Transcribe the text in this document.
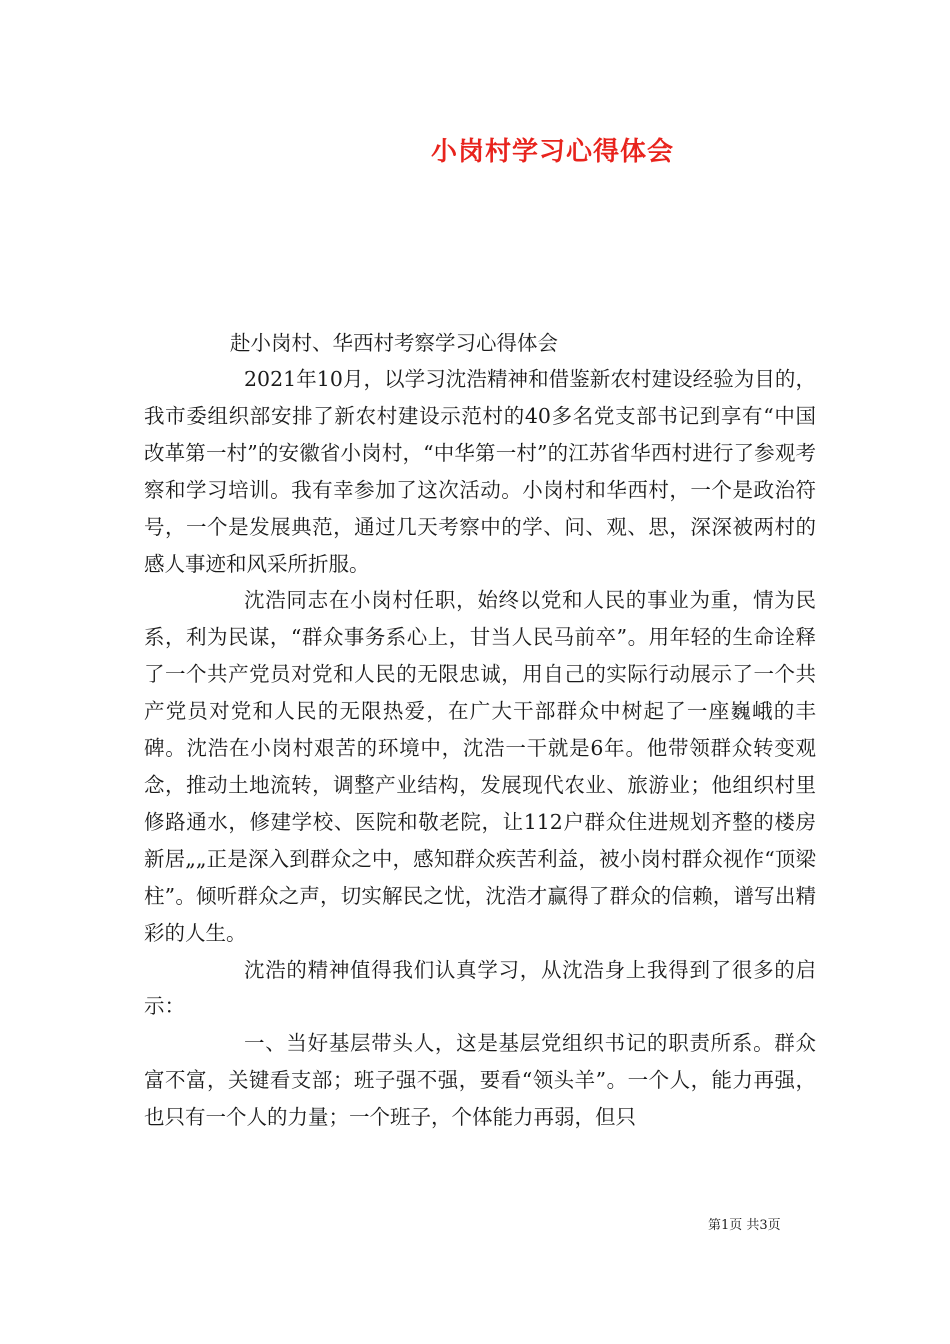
小岗村学习心得体会
赴小岗村、华西村考察学习心得体会

2021年10月，以学习沈浩精神和借鉴新农村建设经验为目的，我市委组织部安排了新农村建设示范村的40多名党支部书记到享有“中国改革第一村”的安徽省小岗村，“中华第一村”的江苏省华西村进行了参观考察和学习培训。我有幸参加了这次活动。小岗村和华西村，一个是政治符号，一个是发展典范，通过几天考察中的学、问、观、思，深深被两村的感人事迹和风采所折服。

沈浩同志在小岗村任职，始终以党和人民的事业为重，情为民系，利为民谋，“群众事务系心上，甘当人民马前卒”。用年轻的生命诠释了一个共产党员对党和人民的无限忠诚，用自己的实际行动展示了一个共产党员对党和人民的无限热爱，在广大干部群众中树起了一座巍峨的丰碑。沈浩在小岗村艰苦的环境中，沈浩一干就是6年。他带领群众转变观念，推动土地流转，调整产业结构，发展现代农业、旅游业；他组织村里修路通水，修建学校、医院和敬老院，让112户群众住进规划齐整的楼房新居„„正是深入到群众之中，感知群众疾苦利益，被小岗村群众视作“顶梁柱”。倾听群众之声，切实解民之忧，沈浩才赢得了群众的信赖，谱写出精彩的人生。

沈浩的精神值得我们认真学习，从沈浩身上我得到了很多的启示：

一、当好基层带头人，这是基层党组织书记的职责所系。群众富不富，关键看支部；班子强不强，要看“领头羊”。一个人，能力再强，也只有一个人的力量；一个班子，个体能力再弱，但只

第1页 共3页
